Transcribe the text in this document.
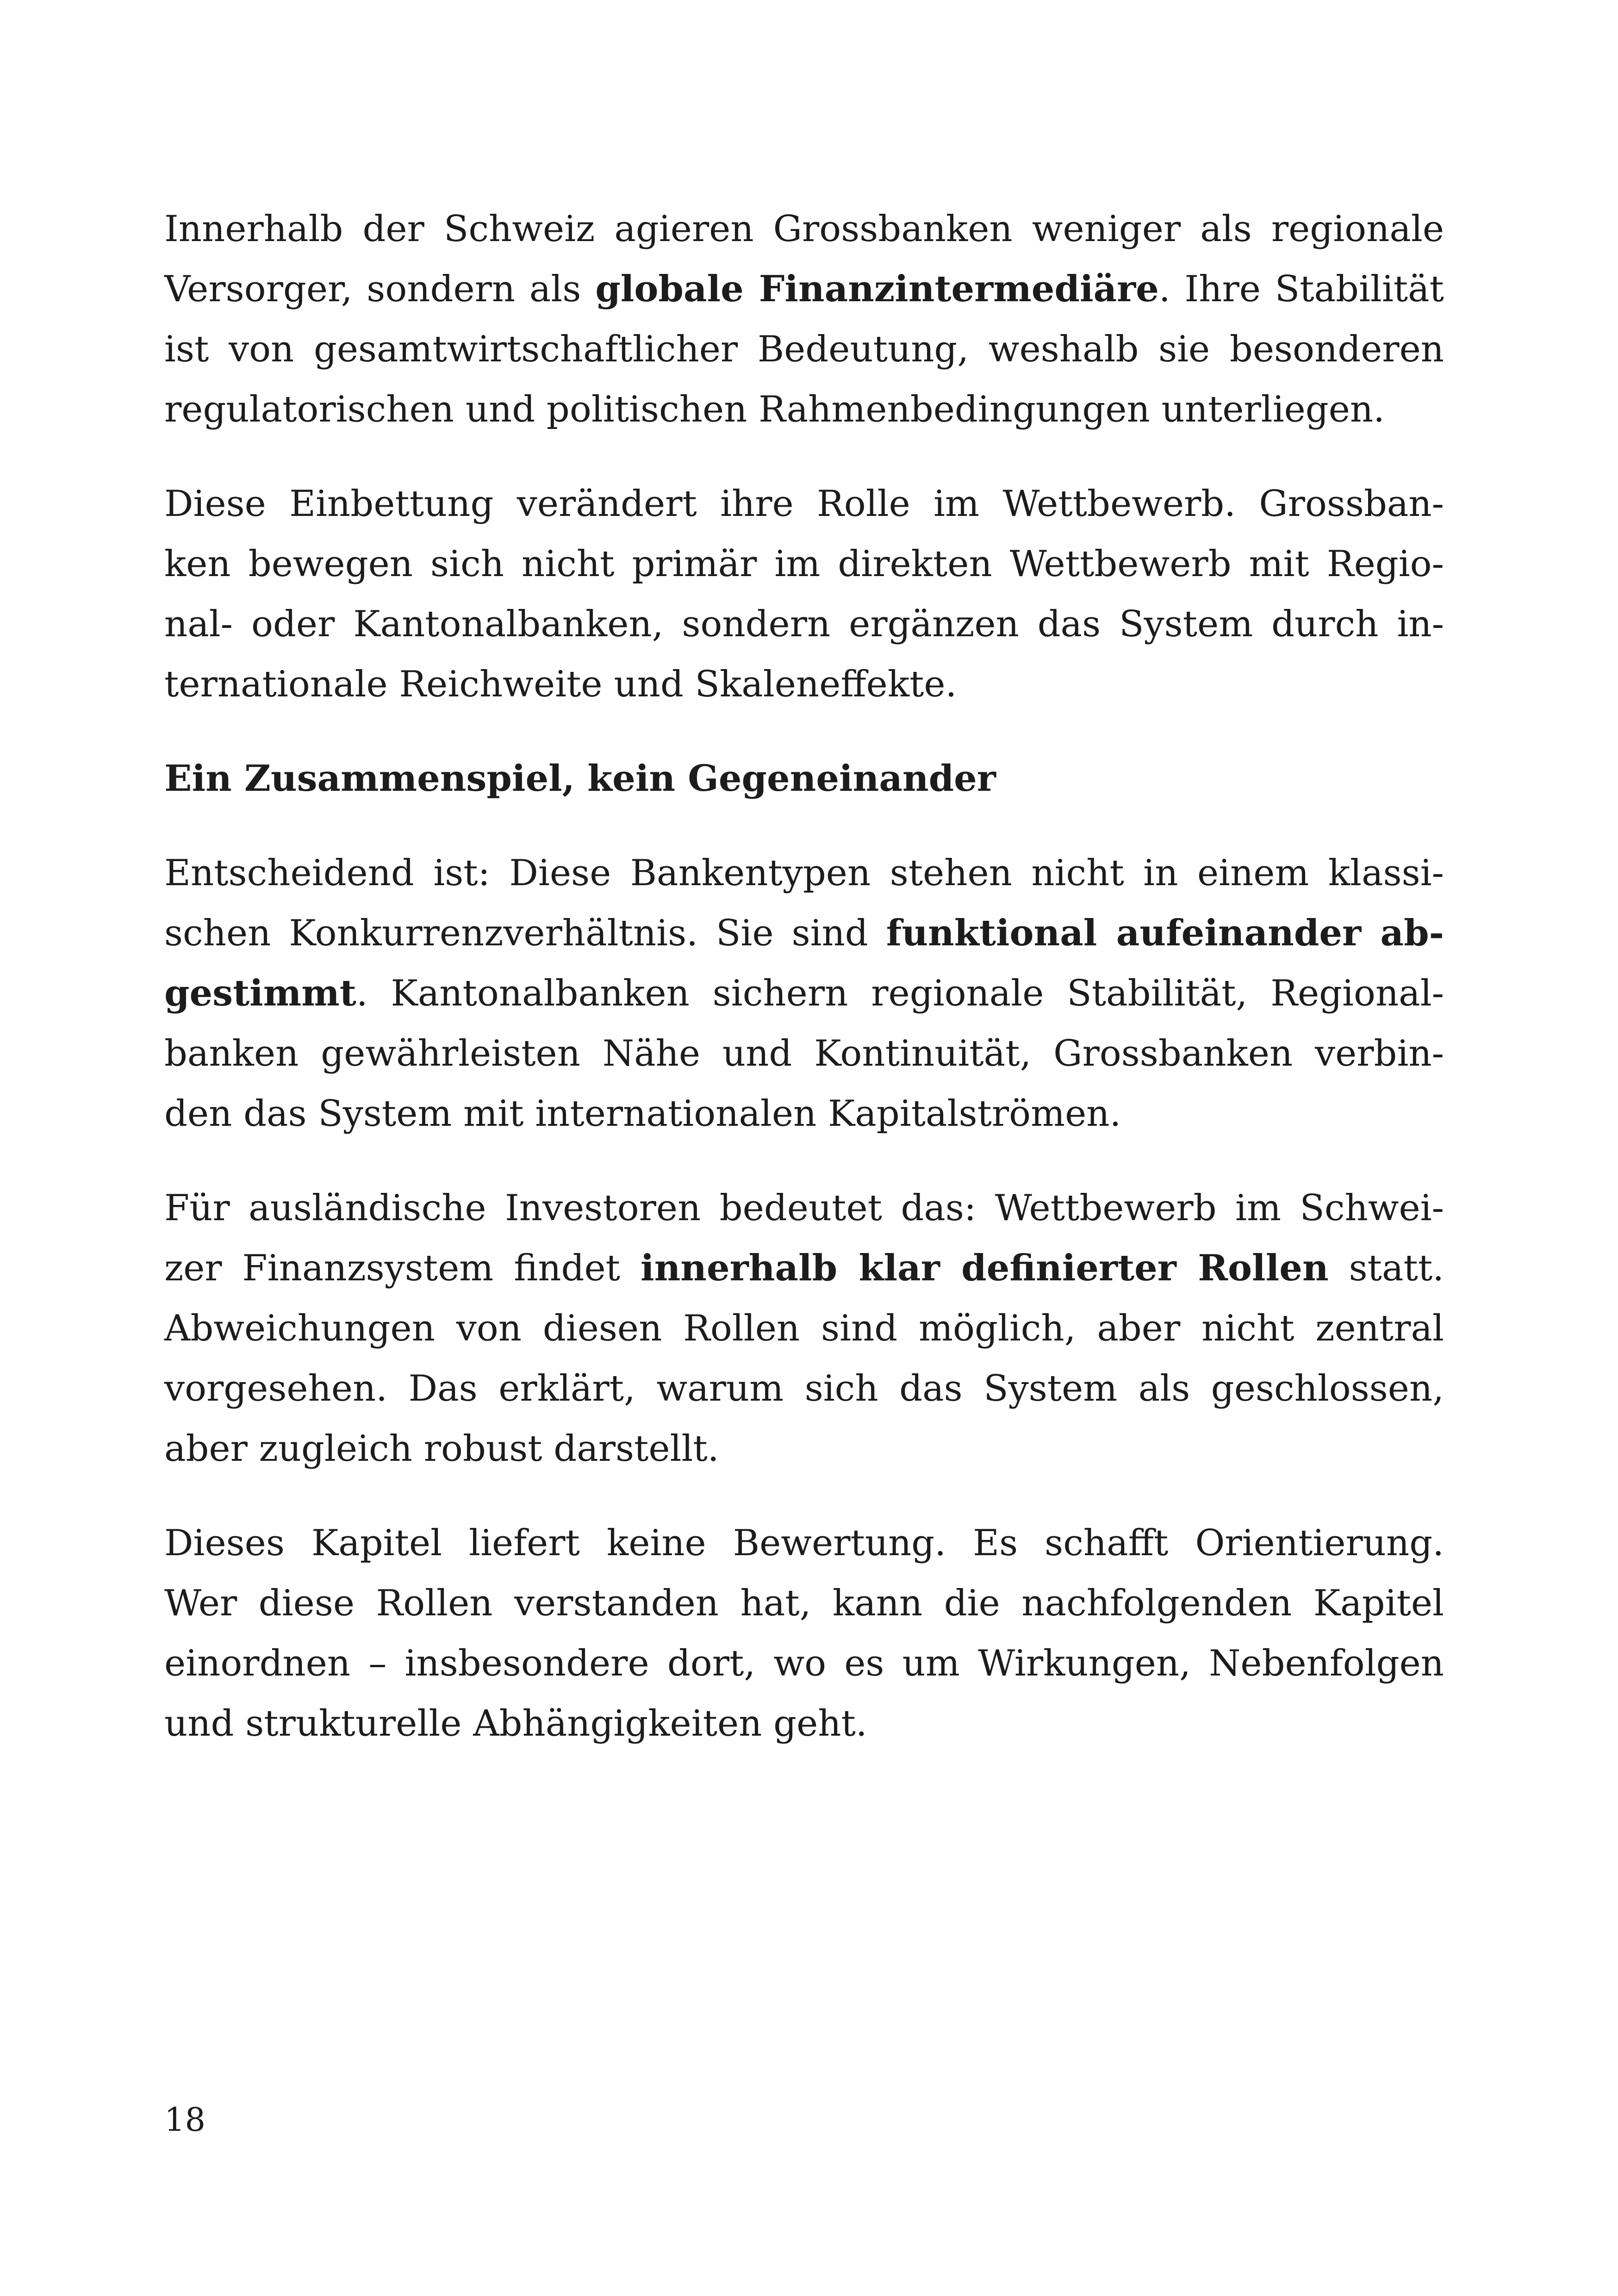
Innerhalb der Schweiz agieren Grossbanken weniger als regionale
Versorger, sondern als globale Finanzintermediäre. Ihre Stabilität
ist von gesamtwirtschaftlicher Bedeutung, weshalb sie besonderen
regulatorischen und politischen Rahmenbedingungen unterliegen.
Diese Einbettung verändert ihre Rolle im Wettbewerb. Grossban-
ken bewegen sich nicht primär im direkten Wettbewerb mit Regio-
nal- oder Kantonalbanken, sondern ergänzen das System durch in-
ternationale Reichweite und Skaleneffekte.
Ein Zusammenspiel, kein Gegeneinander
Entscheidend ist: Diese Bankentypen stehen nicht in einem klassi-
schen Konkurrenzverhältnis. Sie sind funktional aufeinander ab-
gestimmt. Kantonalbanken sichern regionale Stabilität, Regional-
banken gewährleisten Nähe und Kontinuität, Grossbanken verbin-
den das System mit internationalen Kapitalströmen.
Für ausländische Investoren bedeutet das: Wettbewerb im Schwei-
zer Finanzsystem findet innerhalb klar definierter Rollen statt.
Abweichungen von diesen Rollen sind möglich, aber nicht zentral
vorgesehen. Das erklärt, warum sich das System als geschlossen,
aber zugleich robust darstellt.
Dieses Kapitel liefert keine Bewertung. Es schafft Orientierung.
Wer diese Rollen verstanden hat, kann die nachfolgenden Kapitel
einordnen – insbesondere dort, wo es um Wirkungen, Nebenfolgen
und strukturelle Abhängigkeiten geht.
18
